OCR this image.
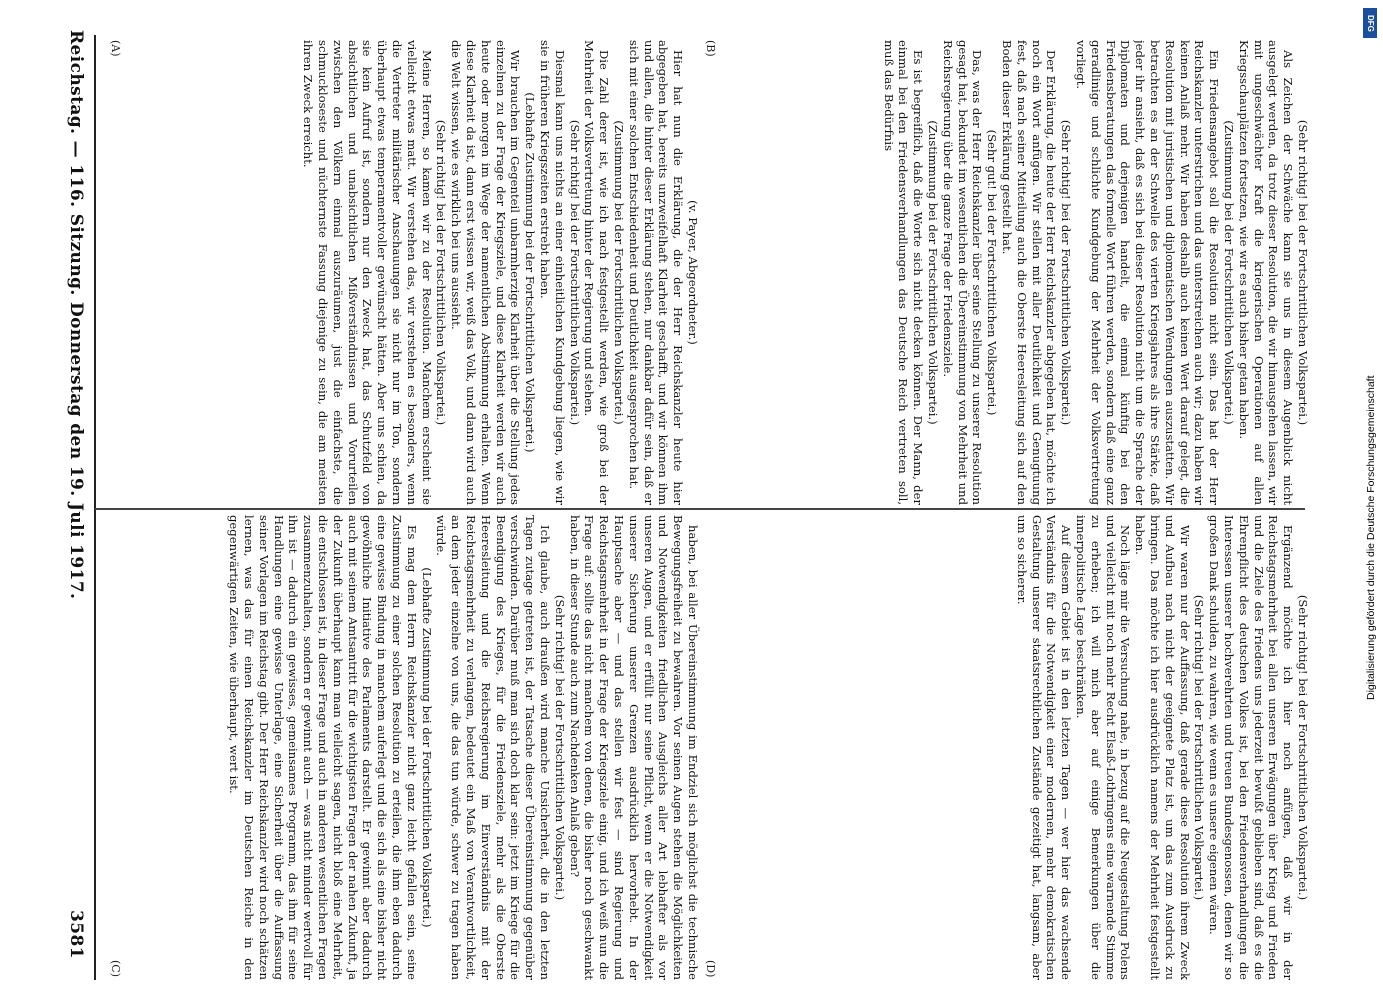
Reichstag. — 116. Sitzung. Donnerstag den 19. Juli 1917.
3581
(A)	(B)
(C)	(D)

(v. Payer, Abgeordneter.)

Hier hat nun die Erklärung, die der Herr Reichskanzler heute hier abgegeben hat, bereits unzweifelhaft Klarheit geschafft, und wir können ihm und allen, die hinter dieser Erklärung stehen, nur dankbar dafür sein, daß er sich mit einer solchen Entschiedenheit und Deutlichkeit ausgesprochen hat.

(Zustimmung bei der Fortschrittlichen Volkspartei.)

Die Zahl derer ist, wie ich nach festgestellt werden, wie groß bei der Mehrheit der Volksvertretung hinter der Regierung und stehen.

(Sehr richtig! bei der Fortschrittlichen Volkspartei.)

Diesmal kann uns nichts an einer einheitlichen Kundgebung liegen, wie wir sie in früheren Kriegszeiten erstrebt haben.

(Lebhafte Zustimmung bei der Fortschrittlichen Volkspartei.)

Wir brauchen im Gegenteil unbarmherzige Klarheit über die Stellung jedes einzelnen zu der Frage der Kriegsziele, und diese Klarheit werden wir auch heute oder morgen im Wege der namentlichen Abstimmung erhalten. Wenn diese Klarheit da ist, dann erst wissen wir, weiß das Volk, und dann wird auch die Welt wissen, wie es wirklich bei uns aussieht.

(Sehr richtig! bei der Fortschrittlichen Volkspartei.)

Meine Herren, so kamen wir zu der Resolution. Manchem erscheint sie vielleicht etwas matt. Wir verstehen das, wir verstehen es besonders, wenn die Vertreter militärischer Anschauungen sie nicht nur im Ton, sondern überhaupt etwas temperamentvoller gewünscht hätten. Aber uns schien, da sie kein Aufruf ist, sondern nur den Zweck hat, das Schutzfeld von absichtlichen und unabsichtlichen Mißverständnissen und Vorurteilen zwischen den Völkern einmal auszuräumen, just die einfachste, die schmuckloseste und nüchternste Fassung diejenige zu sein, die am meisten ihren Zweck erreicht.

(Sehr richtig! bei der Fortschrittlichen Volkspartei.)

Als Zeichen der Schwäche kann sie uns in diesem Augenblick nicht ausgelegt werden, da trotz dieser Resolution, die wir hinausgehen lassen, wir mit ungeschwächter Kraft die kriegerischen Operationen auf allen Kriegsschauplätzen fortsetzen, wie wir es auch bisher getan haben.

(Zustimmung bei der Fortschrittlichen Volkspartei.)

Ein Friedensangebot soll die Resolution nicht sein. Das hat der Herr Reichskanzler unterstrichen und das unterstreichen auch wir; dazu haben wir keinen Anlaß mehr. Wir haben deshalb auch keinen Wert darauf gelegt, die Resolution mit juristischen und diplomatischen Wendungen auszustatten. Wir betrachten es an der Schwelle des vierten Kriegsjahres als ihre Stärke, daß jeder ihr ansieht, daß es sich bei dieser Resolution nicht um die Sprache der Diplomaten und derjenigen handelt, die einmal künftig bei den Friedensberatungen das formelle Wort führen werden, sondern daß eine ganz geradlinige und schlichte Kundgebung der Mehrheit der Volksvertretung vorliegt.

(Sehr richtig! bei der Fortschrittlichen Volkspartei.)

Der Erklärung, die heute der Herr Reichskanzler abgegeben hat, möchte ich noch ein Wort anfügen. Wir stellen mit aller Deutlichkeit und Genugtuung fest, daß nach seiner Mitteilung auch die Oberste Heeresleitung sich auf den Boden dieser Erklärung gestellt hat.

(Sehr gut! bei der Fortschrittlichen Volkspartei.)

Das, was der Herr Reichskanzler über seine Stellung zu unserer Resolution gesagt hat, bekundet im wesentlichen die Übereinstimmung von Mehrheit und Reichsregierung über die ganze Frage der Friedensziele.

(Zustimmung bei der Fortschrittlichen Volkspartei.)

Es ist begreiflich, daß die Worte sich nicht decken können. Der Mann, der einmal bei den Friedensverhandlungen das Deutsche Reich vertreten soll, muß das Bedürfnis

haben, bei aller Übereinstimmung im Endziel sich möglichst die technische Bewegungsfreiheit zu bewahren. Vor seinen Augen stehen die Möglichkeiten und Notwendigkeiten friedlichen Ausgleichs aller Art lebhafter als vor unseren Augen, und er erfüllt nur seine Pflicht, wenn er die Notwendigkeit unserer Sicherung unserer Grenzen ausdrücklich hervorhebt. In der Hauptsache aber — und das stellen wir fest — sind Regierung und Reichstagsmehrheit in der Frage der Kriegsziele einig, und ich weiß nun die Frage auf: sollte das nicht manchem von denen, die bisher noch geschwankt haben, in dieser Stunde auch zum Nachdenken Anlaß geben?

(Sehr richtig! bei der Fortschrittlichen Volkspartei.)

Ich glaube, auch draußen wird manche Unsicherheit, die in den letzten Tagen zutage getreten ist, der Tatsache dieser Übereinstimmung gegenüber verschwinden. Darüber muß man sich doch klar sein: jetzt im Kriege für die Beendigung des Krieges, für die Friedensziele, mehr als die Oberste Heeresleitung und die Reichsregierung im Einverständnis mit der Reichstagsmehrheit zu verlangen, bedeutet ein Maß von Verantwortlichkeit, an dem jeder einzelne von uns, die das tun würde, schwer zu tragen haben würde.

(Lebhafte Zustimmung bei der Fortschrittlichen Volkspartei.)

Es mag dem Herrn Reichskanzler nicht ganz leicht gefallen sein, seine Zustimmung zu einer solchen Resolution zu erteilen, die ihm eben dadurch eine gewisse Bindung in manchem auferlegt und die sich als eine bisher nicht gewöhnliche Initiative des Parlaments darstellt. Er gewinnt aber dadurch auch mit seinem Amtsantritt für die wichtigsten Fragen der nahen Zukunft, ja der Zukunft überhaupt kann man vielleicht sagen, nicht bloß eine Mehrheit, die entschlossen ist, in dieser Frage und auch in anderen wesentlichen Fragen zusammenzuhalten, sondern er gewinnt auch — was nicht minder wertvoll für ihn ist — dadurch ein gewisses, gemeinsames Programm, das ihm für seine Handlungen eine gewisse Unterlage, eine Sicherheit über die Auffassung seiner Vorlagen im Reichstag gibt. Der Herr Reichskanzler wird noch schätzen lernen, was das für einen Reichskanzler im Deutschen Reiche in den gegenwärtigen Zeiten, wie überhaupt, wert ist.	(Sehr richtig! bei der Fortschrittlichen Volkspartei.)

Ergänzend möchte ich hier noch anfügen, daß wir in der Reichstagsmehrheit bei allen unseren Erwägungen über Krieg und Frieden und die Ziele des Friedens uns jederzeit bewußt geblieben sind, daß es die Ehrenpflicht des deutschen Volkes ist, bei den Friedensverhandlungen die Interessen unserer hochverehrten und treuen Bundesgenossen, denen wir so großen Dank schulden, zu wahren, wie wenn es unsere eigenen wären.

(Sehr richtig! bei der Fortschrittlichen Volkspartei.)

Wir waren nur der Auffassung, daß gerade diese Resolution ihrem Zweck und Aufbau nach nicht der geeignete Platz ist, um das zum Ausdruck zu bringen. Das möchte ich hier ausdrücklich namens der Mehrheit festgestellt haben.

Noch läge mir die Versuchung nahe, in bezug auf die Neugestaltung Polens und vielleicht mit noch mehr Recht Elsaß-Lothringens eine warnende Stimme zu erheben; ich will mich aber auf einige Bemerkungen über die innerpolitische Lage beschränken.

Auf diesem Gebiet ist in den letzten Tagen — wer hier das wachsende Verständnis für die Notwendigkeit einer modernen, mehr demokratischen Gestaltung unserer staatsrechtlichen Zustände gezeitigt hat, langsam, aber um so sicherer.

DFG
Digitalisierung gefördert durch die Deutsche Forschungsgemeinschaft
